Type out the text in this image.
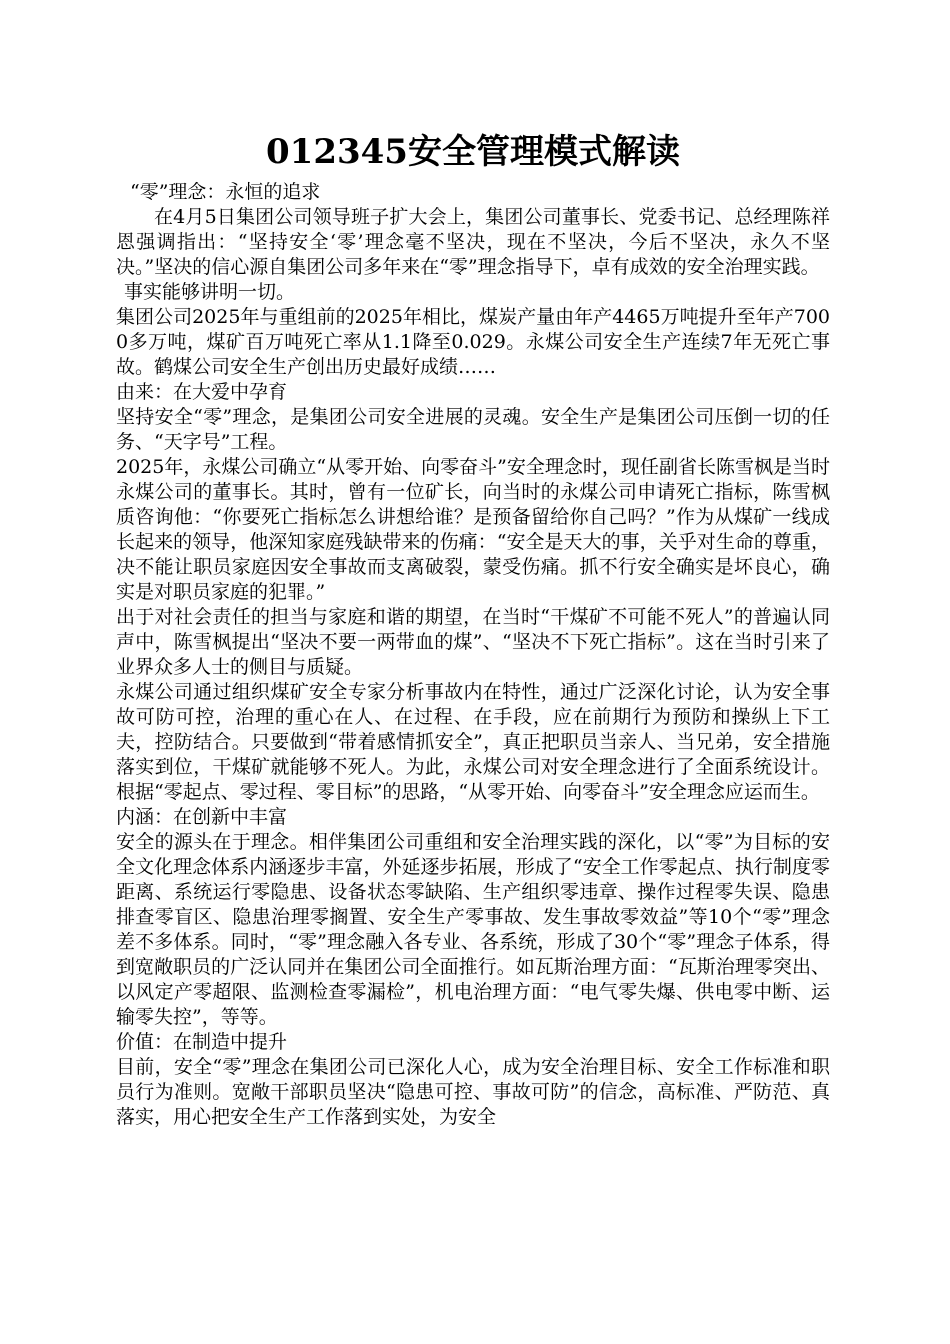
012345安全管理模式解读

“零”理念：永恒的追求

在4月5日集团公司领导班子扩大会上，集团公司董事长、党委书记、总经理陈祥恩强调指出：“坚持安全‘零’理念毫不坚决，现在不坚决，今后不坚决，永久不坚决。”坚决的信心源自集团公司多年来在“零”理念指导下，卓有成效的安全治理实践。

事实能够讲明一切。

集团公司2025年与重组前的2025年相比，煤炭产量由年产4465万吨提升至年产7000多万吨，煤矿百万吨死亡率从1.1降至0.029。永煤公司安全生产连续7年无死亡事故。鹤煤公司安全生产创出历史最好成绩……

由来：在大爱中孕育

坚持安全“零”理念，是集团公司安全进展的灵魂。安全生产是集团公司压倒一切的任务、“天字号”工程。

2025年，永煤公司确立“从零开始、向零奋斗”安全理念时，现任副省长陈雪枫是当时永煤公司的董事长。其时，曾有一位矿长，向当时的永煤公司申请死亡指标，陈雪枫质咨询他：“你要死亡指标怎么讲想给谁？是预备留给你自己吗？”作为从煤矿一线成长起来的领导，他深知家庭残缺带来的伤痛：“安全是天大的事，关乎对生命的尊重，决不能让职员家庭因安全事故而支离破裂，蒙受伤痛。抓不行安全确实是坏良心，确实是对职员家庭的犯罪。”

出于对社会责任的担当与家庭和谐的期望，在当时“干煤矿不可能不死人”的普遍认同声中，陈雪枫提出“坚决不要一两带血的煤”、“坚决不下死亡指标”。这在当时引来了业界众多人士的侧目与质疑。

永煤公司通过组织煤矿安全专家分析事故内在特性，通过广泛深化讨论，认为安全事故可防可控，治理的重心在人、在过程、在手段，应在前期行为预防和操纵上下工夫，控防结合。只要做到“带着感情抓安全”，真正把职员当亲人、当兄弟，安全措施落实到位，干煤矿就能够不死人。为此，永煤公司对安全理念进行了全面系统设计。根据“零起点、零过程、零目标”的思路，“从零开始、向零奋斗”安全理念应运而生。

内涵：在创新中丰富

安全的源头在于理念。相伴集团公司重组和安全治理实践的深化，以“零”为目标的安全文化理念体系内涵逐步丰富，外延逐步拓展，形成了“安全工作零起点、执行制度零距离、系统运行零隐患、设备状态零缺陷、生产组织零违章、操作过程零失误、隐患排查零盲区、隐患治理零搁置、安全生产零事故、发生事故零效益”等10个“零”理念差不多体系。同时，“零”理念融入各专业、各系统，形成了30个“零”理念子体系，得到宽敞职员的广泛认同并在集团公司全面推行。如瓦斯治理方面：“瓦斯治理零突出、以风定产零超限、监测检查零漏检”，机电治理方面：“电气零失爆、供电零中断、运输零失控”，等等。

价值：在制造中提升

目前，安全“零”理念在集团公司已深化人心，成为安全治理目标、安全工作标准和职员行为准则。宽敞干部职员坚决“隐患可控、事故可防”的信念，高标准、严防范、真落实，用心把安全生产工作落到实处，为安全
